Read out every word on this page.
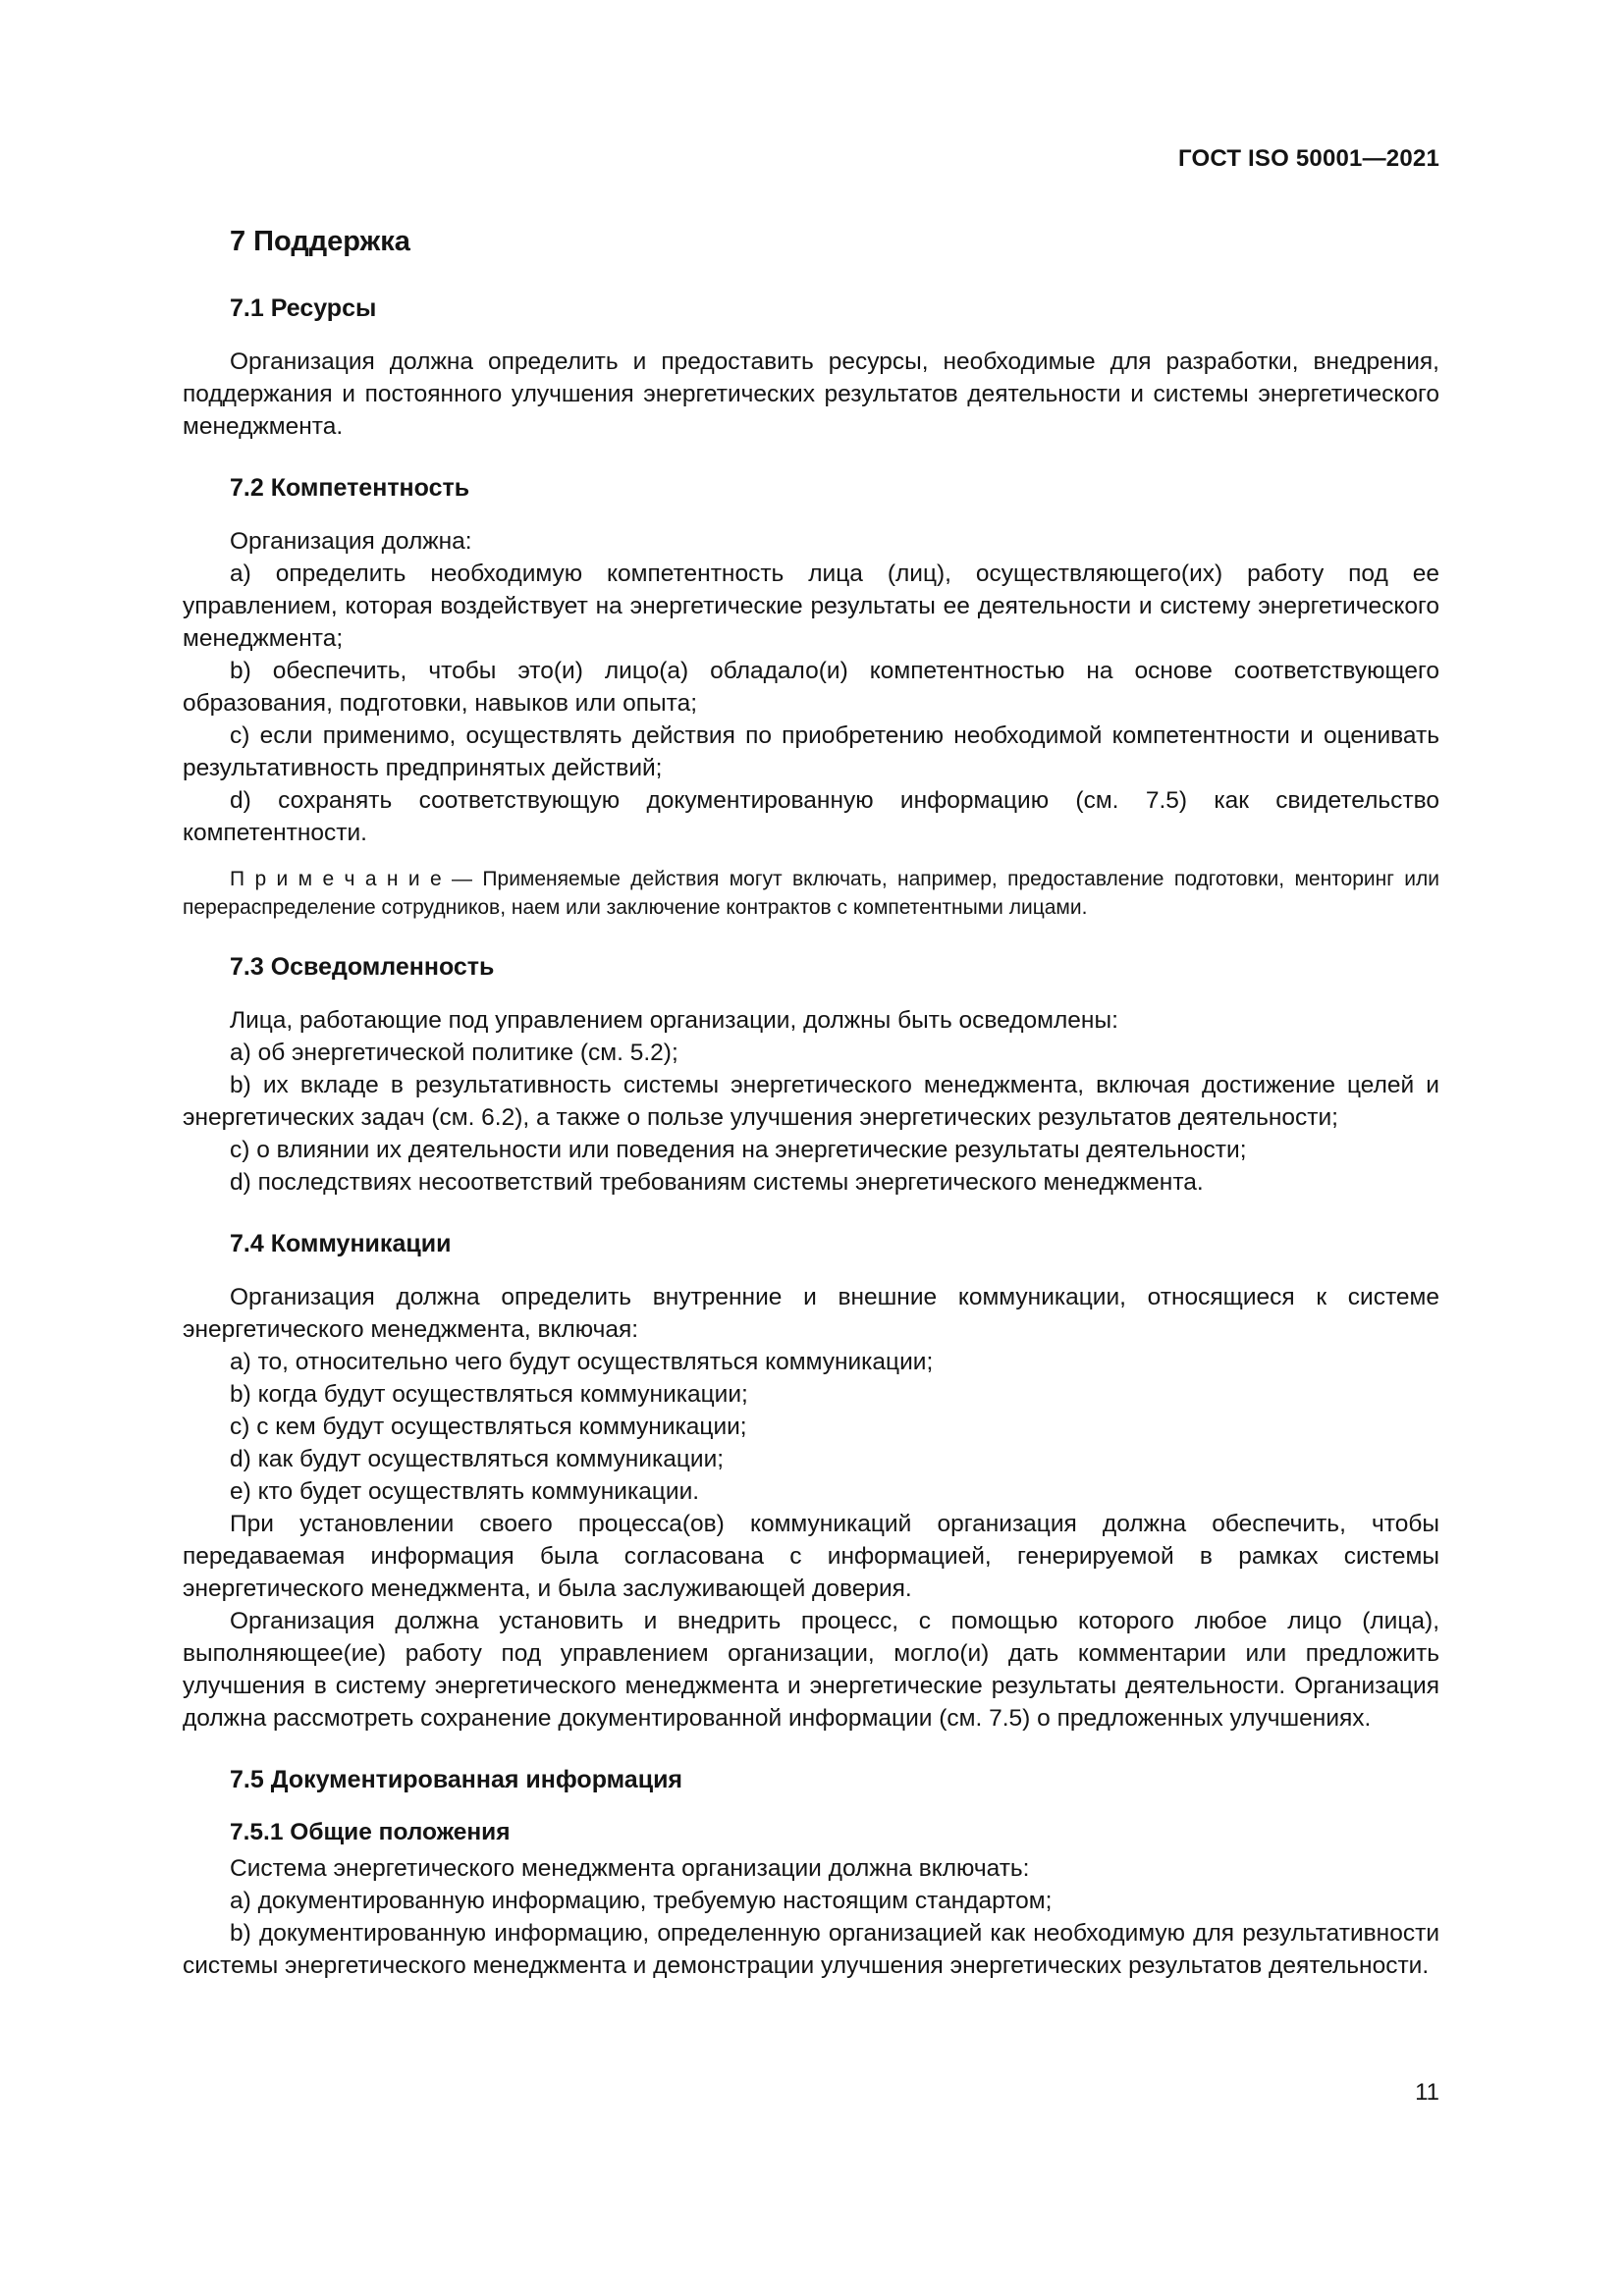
ГОСТ ISO 50001—2021
7 Поддержка
7.1 Ресурсы
Организация должна определить и предоставить ресурсы, необходимые для разработки, внедрения, поддержания и постоянного улучшения энергетических результатов деятельности и системы энергетического менеджмента.
7.2 Компетентность
Организация должна:
a) определить необходимую компетентность лица (лиц), осуществляющего(их) работу под ее управлением, которая воздействует на энергетические результаты ее деятельности и систему энергетического менеджмента;
b) обеспечить, чтобы это(и) лицо(а) обладало(и) компетентностью на основе соответствующего образования, подготовки, навыков или опыта;
c) если применимо, осуществлять действия по приобретению необходимой компетентности и оценивать результативность предпринятых действий;
d) сохранять соответствующую документированную информацию (см. 7.5) как свидетельство компетентности.
П р и м е ч а н и е — Применяемые действия могут включать, например, предоставление подготовки, менторинг или перераспределение сотрудников, наем или заключение контрактов с компетентными лицами.
7.3 Осведомленность
Лица, работающие под управлением организации, должны быть осведомлены:
a) об энергетической политике (см. 5.2);
b) их вкладе в результативность системы энергетического менеджмента, включая достижение целей и энергетических задач (см. 6.2), а также о пользе улучшения энергетических результатов деятельности;
c) о влиянии их деятельности или поведения на энергетические результаты деятельности;
d) последствиях несоответствий требованиям системы энергетического менеджмента.
7.4 Коммуникации
Организация должна определить внутренние и внешние коммуникации, относящиеся к системе энергетического менеджмента, включая:
a) то, относительно чего будут осуществляться коммуникации;
b) когда будут осуществляться коммуникации;
c) с кем будут осуществляться коммуникации;
d) как будут осуществляться коммуникации;
e) кто будет осуществлять коммуникации.
При установлении своего процесса(ов) коммуникаций организация должна обеспечить, чтобы передаваемая информация была согласована с информацией, генерируемой в рамках системы энергетического менеджмента, и была заслуживающей доверия.
Организация должна установить и внедрить процесс, с помощью которого любое лицо (лица), выполняющее(ие) работу под управлением организации, могло(и) дать комментарии или предложить улучшения в систему энергетического менеджмента и энергетические результаты деятельности. Организация должна рассмотреть сохранение документированной информации (см. 7.5) о предложенных улучшениях.
7.5 Документированная информация
7.5.1 Общие положения
Система энергетического менеджмента организации должна включать:
a) документированную информацию, требуемую настоящим стандартом;
b) документированную информацию, определенную организацией как необходимую для результативности системы энергетического менеджмента и демонстрации улучшения энергетических результатов деятельности.
11
